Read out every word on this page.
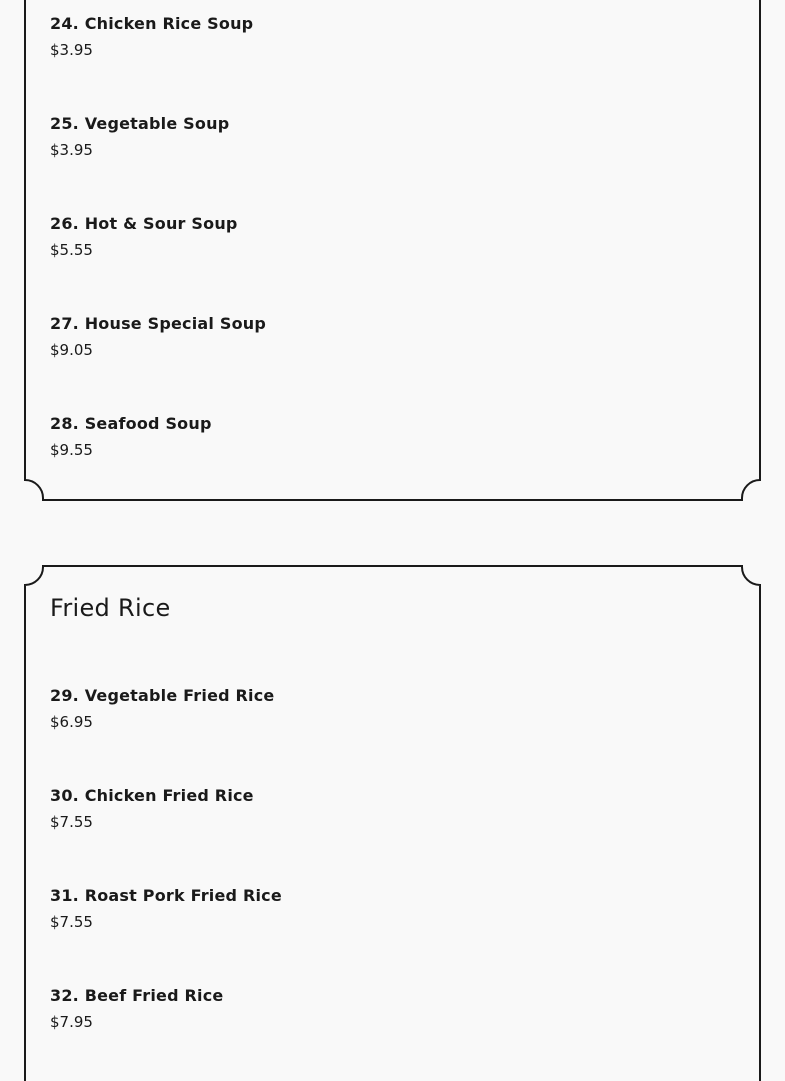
24. Chicken Rice Soup
$3.95
25. Vegetable Soup
$3.95
26. Hot & Sour Soup
$5.55
27. House Special Soup
$9.05
28. Seafood Soup
$9.55
Fried Rice
29. Vegetable Fried Rice
$6.95
30. Chicken Fried Rice
$7.55
31. Roast Pork Fried Rice
$7.55
32. Beef Fried Rice
$7.95
